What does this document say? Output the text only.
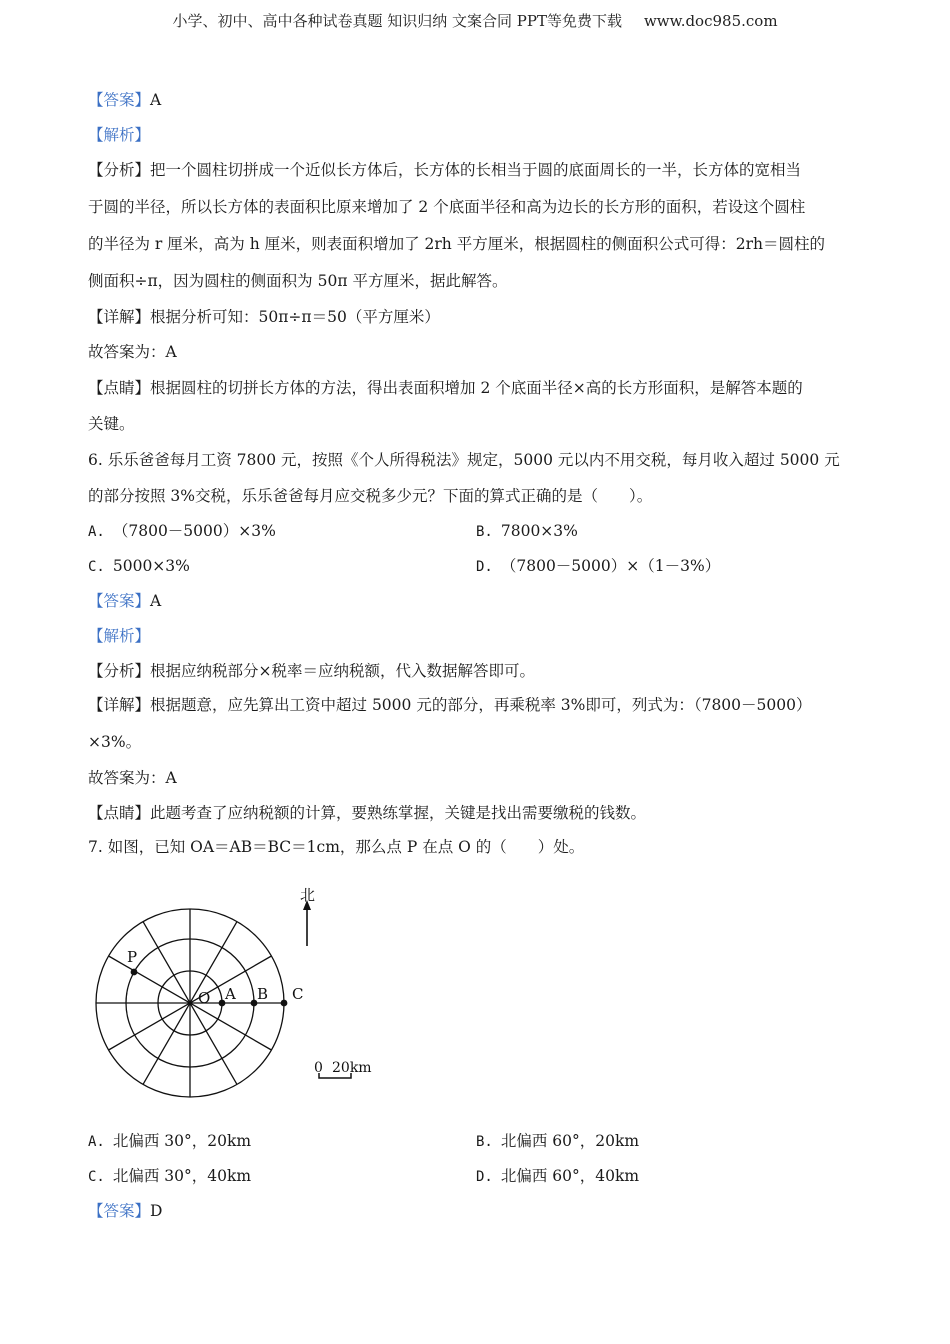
小学、初中、高中各种试卷真题 知识归纳 文案合同 PPT等免费下载 www.doc985.com
【答案】A
【解析】
【分析】把一个圆柱切拼成一个近似长方体后，长方体的长相当于圆的底面周长的一半，长方体的宽相当
于圆的半径，所以长方体的表面积比原来增加了 2 个底面半径和高为边长的长方形的面积，若设这个圆柱
的半径为 r 厘米，高为 h 厘米，则表面积增加了 2rh 平方厘米，根据圆柱的侧面积公式可得：2rh＝圆柱的
侧面积÷π，因为圆柱的侧面积为 50π 平方厘米，据此解答。
【详解】根据分析可知：50π÷π＝50（平方厘米）
故答案为：A
【点睛】根据圆柱的切拼长方体的方法，得出表面积增加 2 个底面半径×高的长方形面积，是解答本题的
关键。
6. 乐乐爸爸每月工资 7800 元，按照《个人所得税法》规定，5000 元以内不用交税，每月收入超过 5000 元
的部分按照 3%交税，乐乐爸爸每月应交税多少元？下面的算式正确的是（　　）。
A. （7800－5000）×3%	B. 7800×3%
C. 5000×3%	D. （7800－5000）×（1－3%）
【答案】A
【解析】
【分析】根据应纳税部分×税率＝应纳税额，代入数据解答即可。
【详解】根据题意，应先算出工资中超过 5000 元的部分，再乘税率 3%即可，列式为：（7800－5000）
×3%。
故答案为：A
【点睛】此题考查了应纳税额的计算，要熟练掌握，关键是找出需要缴税的钱数。
7. 如图，已知 OA＝AB＝BC＝1cm，那么点 P 在点 O 的（　　）处。
北
P
O A B C
0 20km
A. 北偏西 30°，20km	B. 北偏西 60°，20km
C. 北偏西 30°，40km	D. 北偏西 60°，40km
【答案】D
